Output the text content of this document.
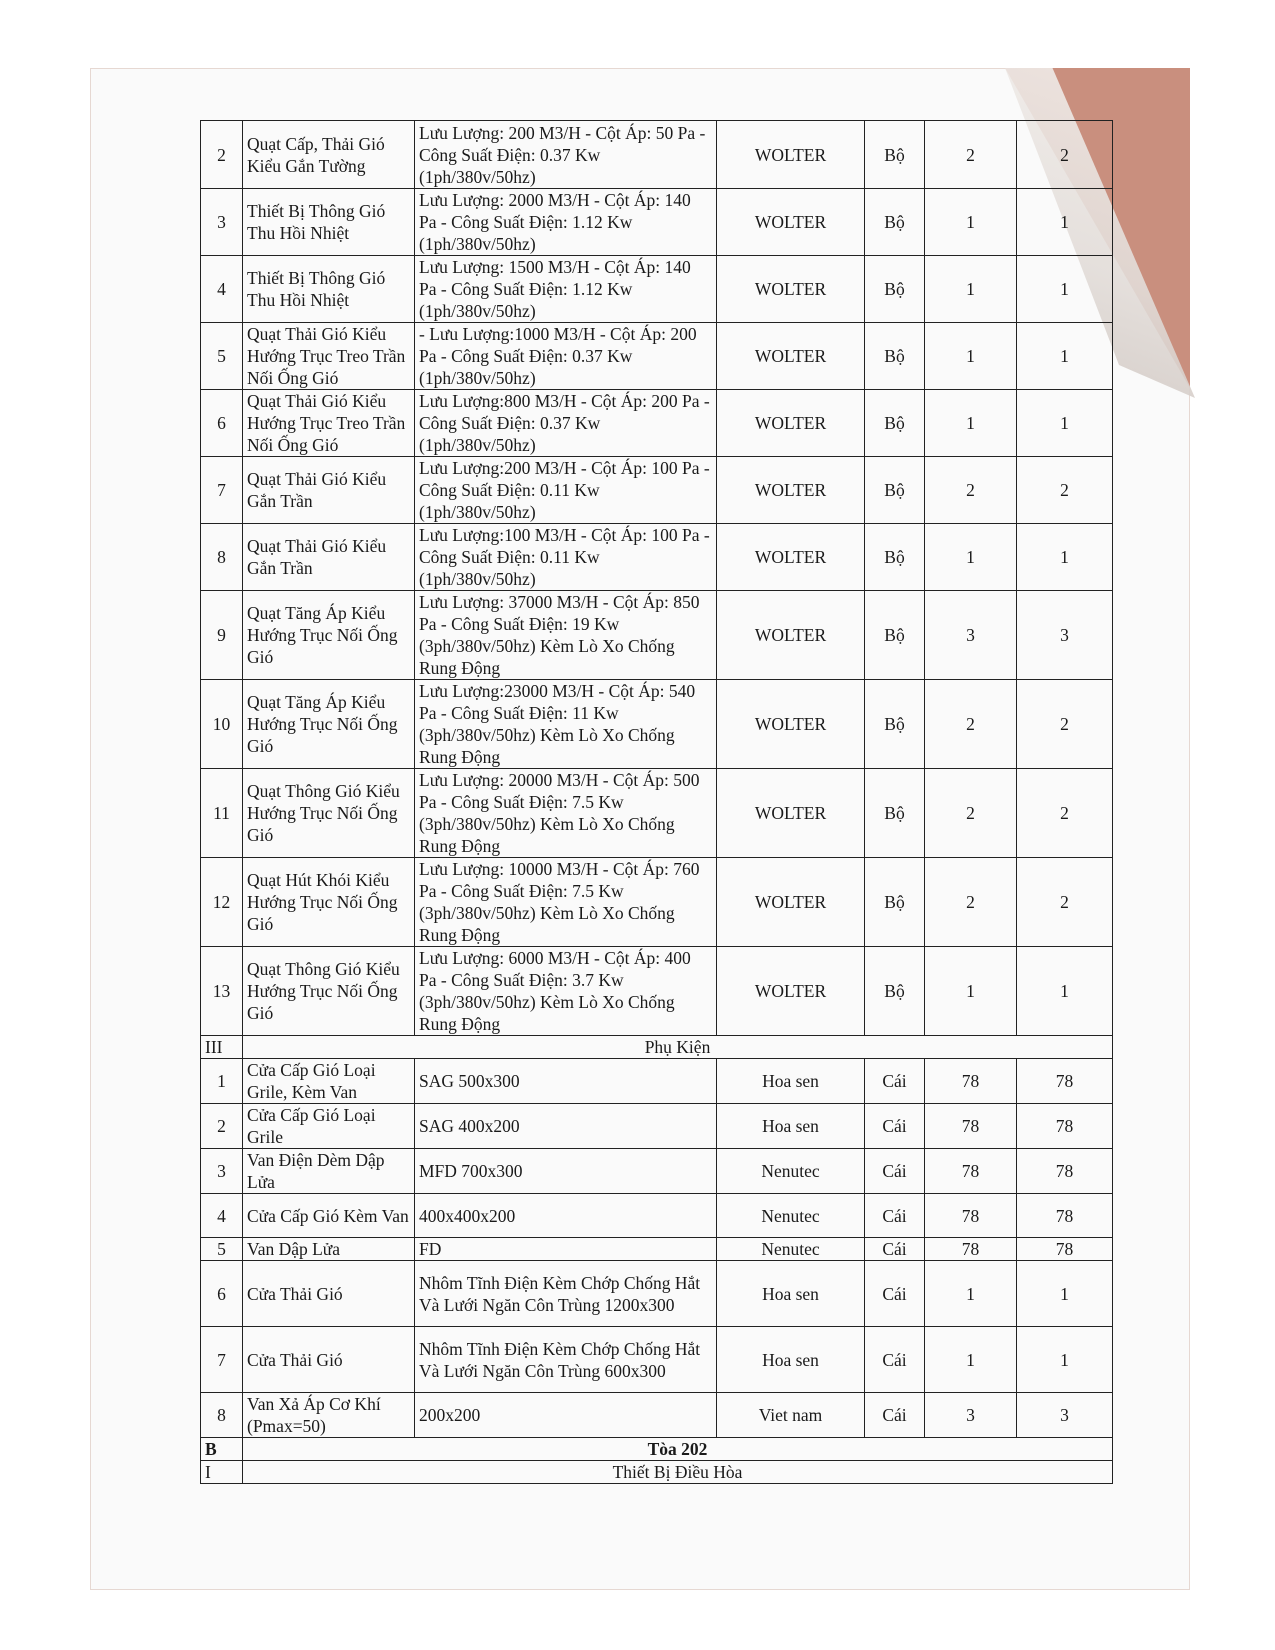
2	Quạt Cấp, Thải Gió Kiểu Gắn Tường	Lưu Lượng: 200 M3/H - Cột Áp: 50 Pa - Công Suất Điện: 0.37 Kw (1ph/380v/50hz)	WOLTER	Bộ	2	2
3	Thiết Bị Thông Gió Thu Hồi Nhiệt	Lưu Lượng: 2000 M3/H - Cột Áp: 140 Pa - Công Suất Điện: 1.12 Kw (1ph/380v/50hz)	WOLTER	Bộ	1	1
4	Thiết Bị Thông Gió Thu Hồi Nhiệt	Lưu Lượng: 1500 M3/H - Cột Áp: 140 Pa - Công Suất Điện: 1.12 Kw (1ph/380v/50hz)	WOLTER	Bộ	1	1
5	Quạt Thải Gió Kiểu Hướng Trục Treo Trần Nối Ống Gió	- Lưu Lượng:1000 M3/H - Cột Áp: 200 Pa - Công Suất Điện: 0.37 Kw (1ph/380v/50hz)	WOLTER	Bộ	1	1
6	Quạt Thải Gió Kiểu Hướng Trục Treo Trần Nối Ống Gió	Lưu Lượng:800 M3/H - Cột Áp: 200 Pa - Công Suất Điện: 0.37 Kw (1ph/380v/50hz)	WOLTER	Bộ	1	1
7	Quạt Thải Gió Kiểu Gắn Trần	Lưu Lượng:200 M3/H - Cột Áp: 100 Pa - Công Suất Điện: 0.11 Kw (1ph/380v/50hz)	WOLTER	Bộ	2	2
8	Quạt Thải Gió Kiểu Gắn Trần	Lưu Lượng:100 M3/H - Cột Áp: 100 Pa - Công Suất Điện: 0.11 Kw (1ph/380v/50hz)	WOLTER	Bộ	1	1
9	Quạt Tăng Áp Kiểu Hướng Trục Nối Ống Gió	Lưu Lượng: 37000 M3/H - Cột Áp: 850 Pa - Công Suất Điện: 19 Kw (3ph/380v/50hz) Kèm Lò Xo Chống Rung Động	WOLTER	Bộ	3	3
10	Quạt Tăng Áp Kiểu Hướng Trục Nối Ống Gió	Lưu Lượng:23000 M3/H - Cột Áp: 540 Pa - Công Suất Điện: 11 Kw (3ph/380v/50hz) Kèm Lò Xo Chống Rung Động	WOLTER	Bộ	2	2
11	Quạt Thông Gió Kiểu Hướng Trục Nối Ống Gió	Lưu Lượng: 20000 M3/H - Cột Áp: 500 Pa - Công Suất Điện: 7.5 Kw (3ph/380v/50hz) Kèm Lò Xo Chống Rung Động	WOLTER	Bộ	2	2
12	Quạt Hút Khói Kiểu Hướng Trục Nối Ống Gió	Lưu Lượng: 10000 M3/H - Cột Áp: 760 Pa - Công Suất Điện: 7.5 Kw (3ph/380v/50hz) Kèm Lò Xo Chống Rung Động	WOLTER	Bộ	2	2
13	Quạt Thông Gió Kiểu Hướng Trục Nối Ống Gió	Lưu Lượng: 6000 M3/H - Cột Áp: 400 Pa - Công Suất Điện: 3.7 Kw (3ph/380v/50hz) Kèm Lò Xo Chống Rung Động	WOLTER	Bộ	1	1
III	Phụ Kiện					
1	Cửa Cấp Gió Loại Grile, Kèm Van	SAG 500x300	Hoa sen	Cái	78	78
2	Cửa Cấp Gió Loại Grile	SAG 400x200	Hoa sen	Cái	78	78
3	Van Điện Dèm Dập Lửa	MFD 700x300	Nenutec	Cái	78	78
4	Cửa Cấp Gió Kèm Van	400x400x200	Nenutec	Cái	78	78
5	Van Dập Lửa	FD	Nenutec	Cái	78	78
6	Cửa Thải Gió	Nhôm Tĩnh Điện Kèm Chớp Chống Hắt Và Lưới Ngăn Côn Trùng 1200x300	Hoa sen	Cái	1	1
7	Cửa Thải Gió	Nhôm Tĩnh Điện Kèm Chớp Chống Hắt Và Lưới Ngăn Côn Trùng 600x300	Hoa sen	Cái	1	1
8	Van Xả Áp Cơ Khí (Pmax=50)	200x200	Viet nam	Cái	3	3
B	Tòa 202					
I	Thiết Bị Điều Hòa					
